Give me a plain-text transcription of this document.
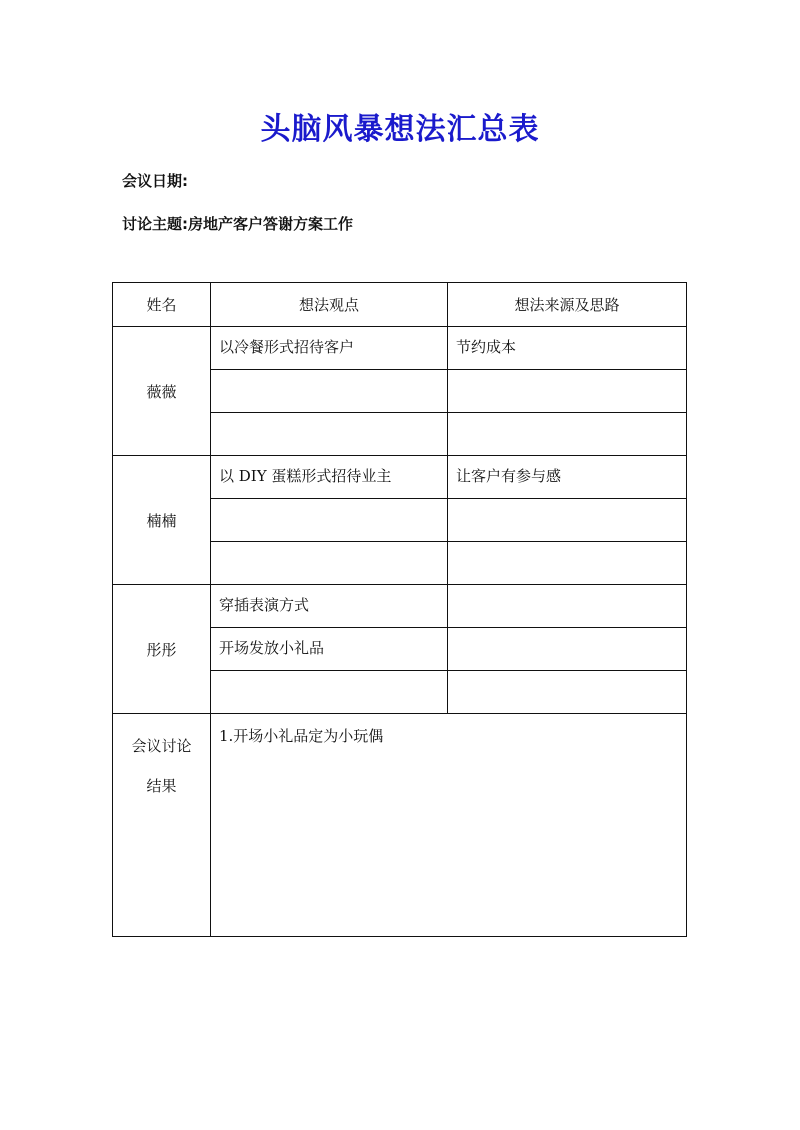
头脑风暴想法汇总表
会议日期:
讨论主题:房地产客户答谢方案工作
姓名	想法观点	想法来源及思路
薇薇	以冷餐形式招待客户	节约成本

楠楠	以 DIY 蛋糕形式招待业主	让客户有参与感

彤彤	穿插表演方式	

	开场发放小礼品	

会议讨论
结果	1.开场小礼品定为小玩偶	
